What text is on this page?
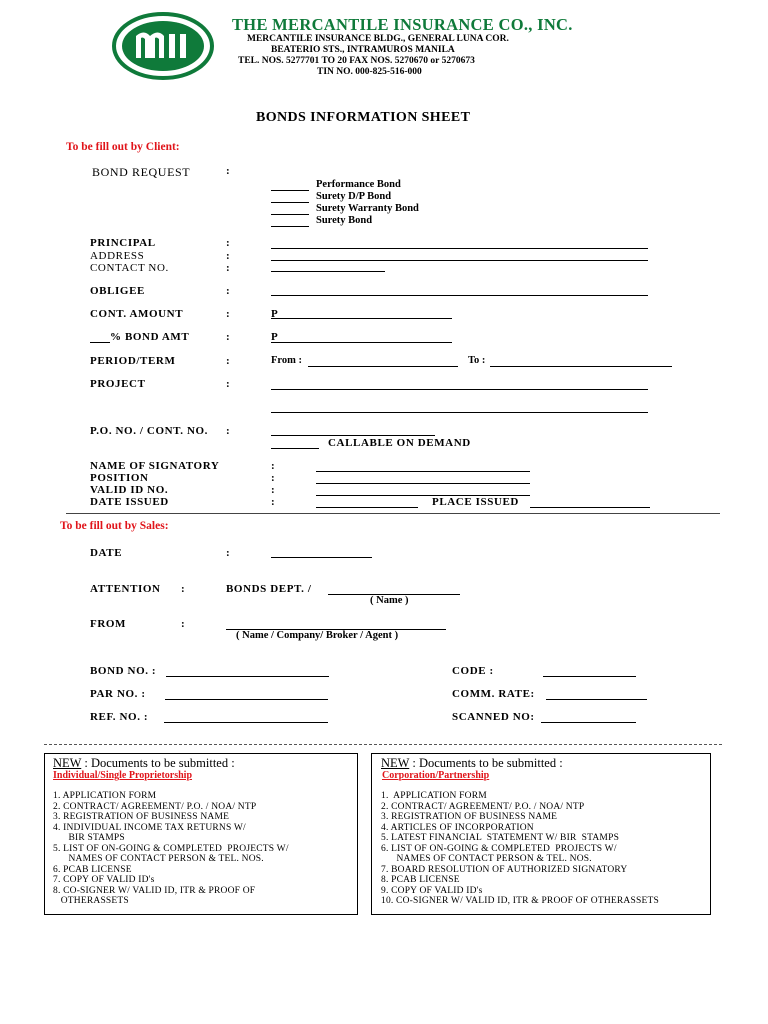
THE MERCANTILE INSURANCE CO., INC.
MERCANTILE INSURANCE BLDG., GENERAL LUNA COR.
BEATERIO STS., INTRAMUROS MANILA
TEL. NOS. 5277701 TO 20 FAX NOS. 5270670 or 5270673
TIN NO. 000-825-516-000
BONDS INFORMATION SHEET
To be fill out by Client:
BOND REQUEST	:
Performance Bond
Surety D/P Bond
Surety Warranty Bond
Surety Bond
PRINCIPAL	:
ADDRESS	:
CONTACT NO.	:
OBLIGEE	:
CONT. AMOUNT	:	P
% BOND AMT	:	P
PERIOD/TERM	:	From :	To :
PROJECT	:
P.O. NO. / CONT. NO. :
CALLABLE ON DEMAND
NAME OF SIGNATORY	:
POSITION	:
VALID ID NO.	:
DATE ISSUED	:	PLACE ISSUED
To be fill out by Sales:
DATE	:
ATTENTION :	BONDS DEPT. /
( Name )
FROM	:
( Name / Company/ Broker / Agent )
BOND NO. :	CODE :
PAR NO. :	COMM. RATE:
REF. NO. :	SCANNED NO:
NEW : Documents to be submitted :
Individual/Single Proprietorship
1. APPLICATION FORM
2. CONTRACT/ AGREEMENT/ P.O. / NOA/ NTP
3. REGISTRATION OF BUSINESS NAME
4. INDIVIDUAL INCOME TAX RETURNS W/
BIR STAMPS
5. LIST OF ON-GOING & COMPLETED  PROJECTS W/
NAMES OF CONTACT PERSON & TEL. NOS.
6. PCAB LICENSE
7. COPY OF VALID ID's
8. CO-SIGNER W/ VALID ID, ITR & PROOF OF
OTHERASSETS
NEW : Documents to be submitted :
Corporation/Partnership
1.  APPLICATION FORM
2. CONTRACT/ AGREEMENT/ P.O. / NOA/ NTP
3. REGISTRATION OF BUSINESS NAME
4. ARTICLES OF INCORPORATION
5. LATEST FINANCIAL  STATEMENT W/ BIR  STAMPS
6. LIST OF ON-GOING & COMPLETED  PROJECTS W/
NAMES OF CONTACT PERSON & TEL. NOS.
7. BOARD RESOLUTION OF AUTHORIZED SIGNATORY
8. PCAB LICENSE
9. COPY OF VALID ID's
10. CO-SIGNER W/ VALID ID, ITR & PROOF OF OTHERASSETS
